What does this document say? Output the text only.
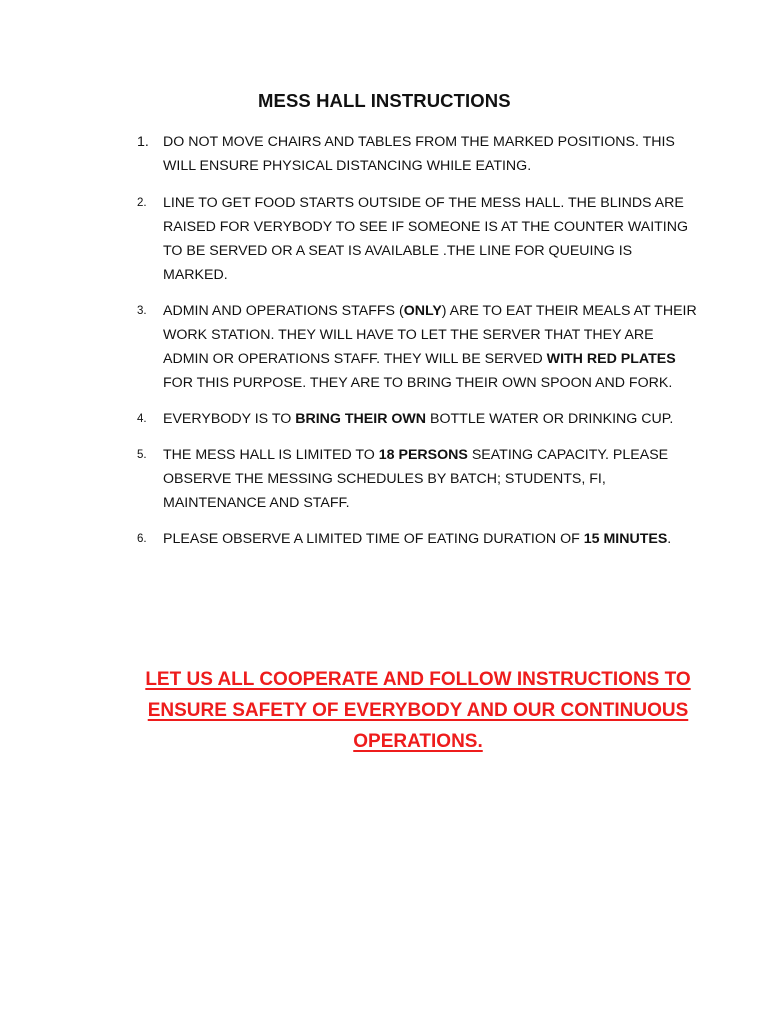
MESS HALL INSTRUCTIONS
1. DO NOT MOVE CHAIRS AND TABLES FROM THE MARKED POSITIONS. THIS WILL ENSURE PHYSICAL DISTANCING WHILE EATING.
2.	LINE TO GET FOOD STARTS OUTSIDE OF THE MESS HALL. THE BLINDS ARE RAISED FOR VERYBODY TO SEE IF SOMEONE IS AT THE COUNTER WAITING TO BE SERVED OR A SEAT IS AVAILABLE .THE LINE FOR QUEUING IS MARKED.
3.	ADMIN AND OPERATIONS STAFFS (ONLY) ARE TO EAT THEIR MEALS AT THEIR WORK STATION. THEY WILL HAVE TO LET THE SERVER THAT THEY ARE ADMIN OR OPERATIONS STAFF. THEY WILL BE SERVED WITH RED PLATES FOR THIS PURPOSE. THEY ARE TO BRING THEIR OWN SPOON AND FORK.
4.	EVERYBODY IS TO BRING THEIR OWN BOTTLE WATER OR DRINKING CUP.
5.	THE MESS HALL IS LIMITED TO 18 PERSONS SEATING CAPACITY. PLEASE OBSERVE THE MESSING SCHEDULES BY BATCH; STUDENTS, FI, MAINTENANCE AND STAFF.
6.	PLEASE OBSERVE A LIMITED TIME OF EATING DURATION OF 15 MINUTES.
LET US ALL COOPERATE AND FOLLOW INSTRUCTIONS TO ENSURE SAFETY OF EVERYBODY AND OUR CONTINUOUS OPERATIONS.
